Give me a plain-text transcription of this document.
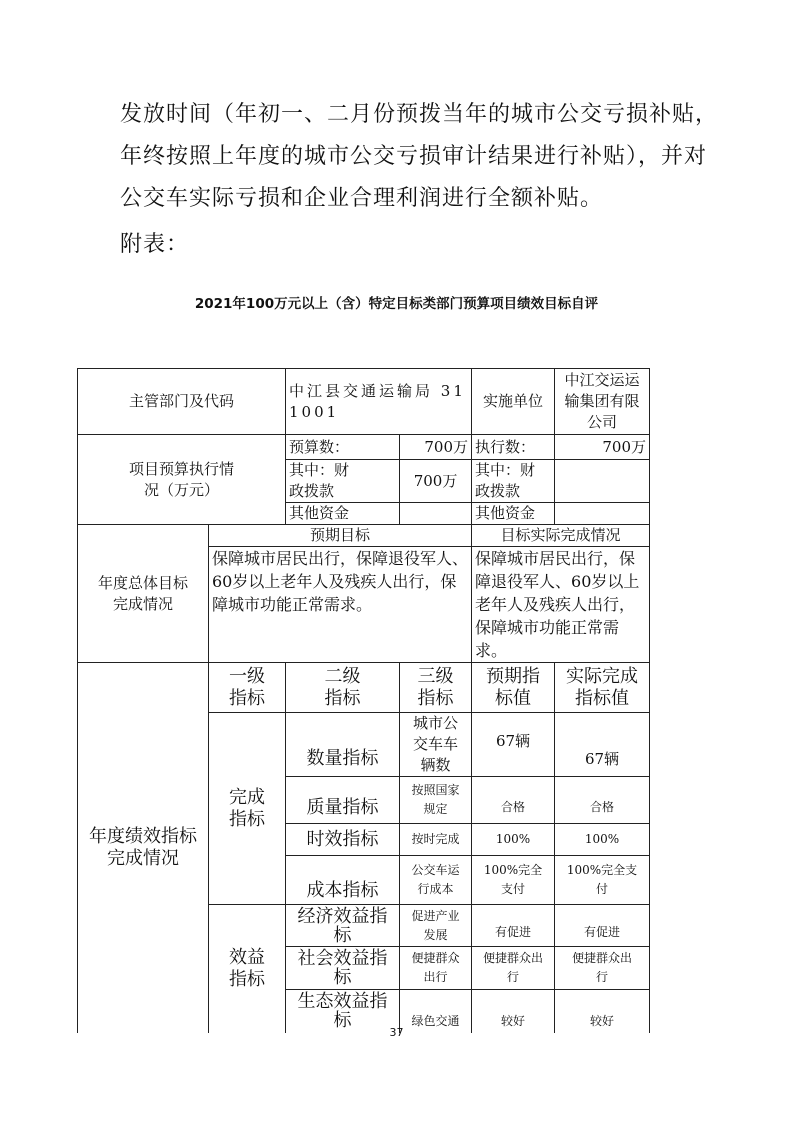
发放时间（年初一、二月份预拨当年的城市公交亏损补贴，

年终按照上年度的城市公交亏损审计结果进行补贴），并对

公交车实际亏损和企业合理利润进行全额补贴。

附表：

2021年100万元以上（含）特定目标类部门预算项目绩效目标自评
主管部门及代码		中江县交通运输局 311001		实施单位	中江交运运输集团有限公司
项目预算执行情况（万元）		预算数：	700万	执行数：	700万
		其中：财政拨款	700万	其中：财政拨款	
		其他资金		其他资金	
年度总体目标完成情况	预期目标			目标实际完成情况	
	保障城市居民出行，保障退役军人、60岁以上老年人及残疾人出行，保障城市功能正常需求。			保障城市居民出行，保障退役军人、60岁以上老年人及残疾人出行，保障城市功能正常需求。	
年度绩效指标完成情况	一级指标	二级指标	三级指标	预期指标值	实际完成指标值
	完成指标	数量指标	城市公交车车辆数	67辆	67辆
		质量指标	按照国家规定	合格	合格
		时效指标	按时完成	100%	100%
		成本指标	公交车运行成本	100%完全支付	100%完全支付
	效益指标	经济效益指标	促进产业发展	有促进	有促进
		社会效益指标	便捷群众出行	便捷群众出行	便捷群众出行
		生态效益指标	绿色交通	较好	较好
37
